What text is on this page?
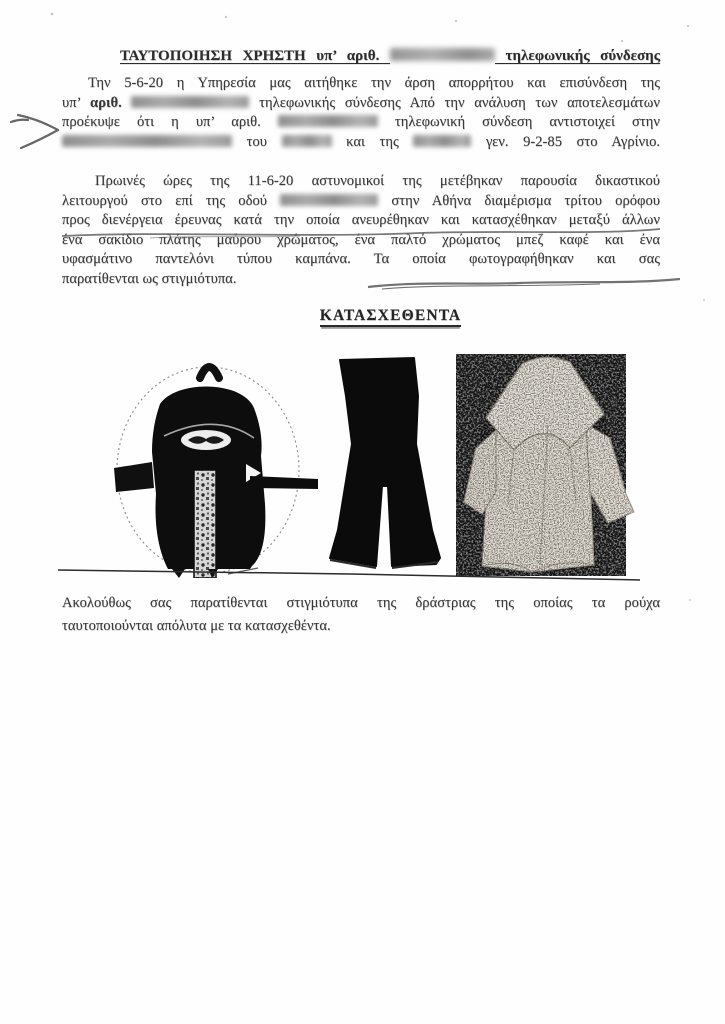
ΤΑΥΤΟΠΟΙΗΣΗ ΧΡΗΣΤΗ υπ’ αριθ.	τηλεφωνικής σύνδεσης
Την 5-6-20 η Υπηρεσία μας αιτήθηκε την άρση απορρήτου και επισύνδεση της
υπ’ αριθ.	τηλεφωνικής σύνδεσης Από την ανάλυση των αποτελεσμάτων
προέκυψε ότι η υπ’ αριθ.	τηλεφωνική σύνδεση αντιστοιχεί στην
του	και της	γεν. 9-2-85 στο Αγρίνιο.
Πρωινές ώρες της 11-6-20 αστυνομικοί της μετέβηκαν παρουσία δικαστικού
λειτουργού στο επί της οδού	στην Αθήνα διαμέρισμα τρίτου ορόφου
προς διενέργεια έρευνας κατά την οποία ανευρέθηκαν και κατασχέθηκαν μεταξύ άλλων
ένα σακίδιο πλάτης μαύρου χρώματος, ένα παλτό χρώματος μπεζ καφέ και ένα
υφασμάτινο παντελόνι τύπου καμπάνα. Τα οποία φωτογραφήθηκαν και σας
παρατίθενται ως στιγμιότυπα.
ΚΑΤΑΣΧΕΘΕΝΤΑ
Ακολούθως σας παρατίθενται στιγμιότυπα της δράστριας της οποίας τα ρούχα
ταυτοποιούνται απόλυτα με τα κατασχεθέντα.
